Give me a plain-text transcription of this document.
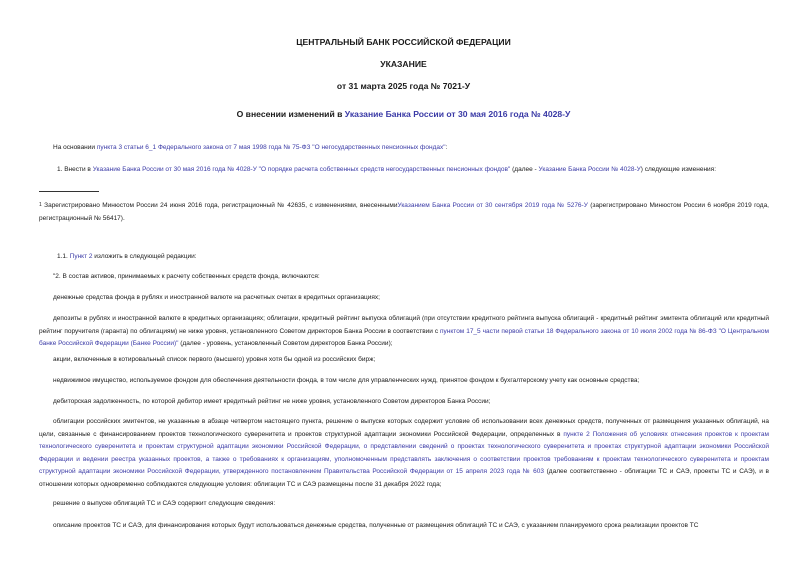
ЦЕНТРАЛЬНЫЙ БАНК РОССИЙСКОЙ ФЕДЕРАЦИИ
УКАЗАНИЕ
от 31 марта 2025 года № 7021-У
О внесении изменений в Указание Банка России от 30 мая 2016 года № 4028-У

На основании пункта 3 статьи 6_1 Федерального закона от 7 мая 1998 года № 75-ФЗ "О негосударственных пенсионных фондах":

1. Внести в Указание Банка России от 30 мая 2016 года № 4028-У "О порядке расчета собственных средств негосударственных пенсионных фондов" (далее - Указание Банка России № 4028-У) следующие изменения:

1 Зарегистрировано Минюстом России 24 июня 2016 года, регистрационный № 42635, с изменениями, внесеннымиУказанием Банка России от 30 сентября 2019 года № 5276-У (зарегистрировано Минюстом России 6 ноября 2019 года, регистрационный № 56417).

1.1. Пункт 2 изложить в следующей редакции:

"2. В состав активов, принимаемых к расчету собственных средств фонда, включаются:

денежные средства фонда в рублях и иностранной валюте на расчетных счетах в кредитных организациях;

депозиты в рублях и иностранной валюте в кредитных организациях; облигации, кредитный рейтинг выпуска облигаций (при отсутствии кредитного рейтинга выпуска облигаций - кредитный рейтинг эмитента облигаций или кредитный рейтинг поручителя (гаранта) по облигациям) не ниже уровня, установленного Советом директоров Банка России в соответствии с пунктом 17_5 части первой статьи 18 Федерального закона от 10 июля 2002 года № 86-ФЗ "О Центральном банке Российской Федерации (Банке России)" (далее - уровень, установленный Советом директоров Банка России);

акции, включенные в котировальный список первого (высшего) уровня хотя бы одной из российских бирж;

недвижимое имущество, используемое фондом для обеспечения деятельности фонда, в том числе для управленческих нужд, принятое фондом к бухгалтерскому учету как основные средства;

дебиторская задолженность, по которой дебитор имеет кредитный рейтинг не ниже уровня, установленного Советом директоров Банка России;

облигации российских эмитентов, не указанные в абзаце четвертом настоящего пункта, решение о выпуске которых содержит условие об использовании всех денежных средств, полученных от размещения указанных облигаций, на цели, связанные с финансированием проектов технологического суверенитета и проектов структурной адаптации экономики Российской Федерации, определенных в пункте 2 Положения об условиях отнесения проектов к проектам технологического суверенитета и проектам структурной адаптации экономики Российской Федерации, о представлении сведений о проектах технологического суверенитета и проектах структурной адаптации экономики Российской Федерации и ведении реестра указанных проектов, а также о требованиях к организациям, уполномоченным представлять заключения о соответствии проектов требованиям к проектам технологического суверенитета и проектам структурной адаптации экономики Российской Федерации, утвержденного постановлением Правительства Российской Федерации от 15 апреля 2023 года № 603 (далее соответственно - облигации ТС и САЭ, проекты ТС и САЭ), и в отношении которых одновременно соблюдаются следующие условия: облигации ТС и САЭ размещены после 31 декабря 2022 года;

решение о выпуске облигаций ТС и САЭ содержит следующие сведения:

описание проектов ТС и САЭ, для финансирования которых будут использоваться денежные средства, полученные от размещения облигаций ТС и САЭ, с указанием планируемого срока реализации проектов ТС
